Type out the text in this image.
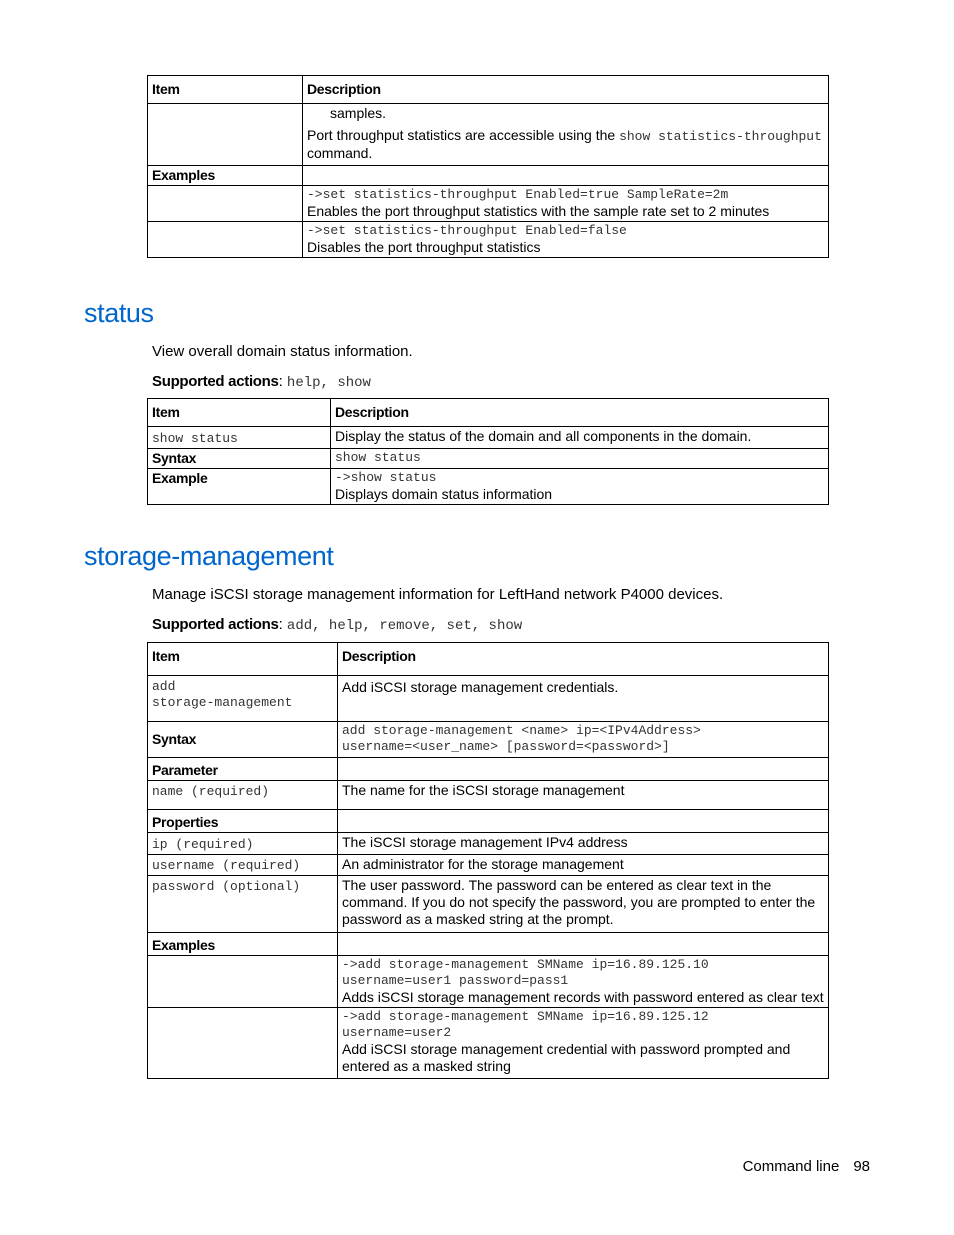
Item	Description

	samples.

Port throughput statistics are accessible using the show statistics-throughput command.

Examples	

	->set statistics-throughput Enabled=true SampleRate=2m

Enables the port throughput statistics with the sample rate set to 2 minutes

	->set statistics-throughput Enabled=false

Disables the port throughput statistics

status

View overall domain status information.

Supported actions: help, show

Item	Description

show status	Display the status of the domain and all components in the domain.
Syntax	show status

Example	->show status

Displays domain status information

storage-management

Manage iSCSI storage management information for LeftHand network P4000 devices.

Supported actions: add, help, remove, set, show

Item	Description

add
storage-management	Add iSCSI storage management credentials.
Syntax	add storage-management <name> ip=<IPv4Address>
username=<user_name> [password=<password>]

Parameter	

name (required)	The name for the iSCSI storage management
Properties	

ip (required)	The iSCSI storage management IPv4 address

username (required)	An administrator for the storage management

password (optional)	The user password. The password can be entered as clear text in the command. If you do not specify the password, you are prompted to enter the password as a masked string at the prompt.
Examples	

	->add storage-management SMName ip=16.89.125.10
username=user1 password=pass1

Adds iSCSI storage management records with password entered as clear text

	->add storage-management SMName ip=16.89.125.12
username=user2

Add iSCSI storage management credential with password prompted and entered as a masked string

Command line 98
